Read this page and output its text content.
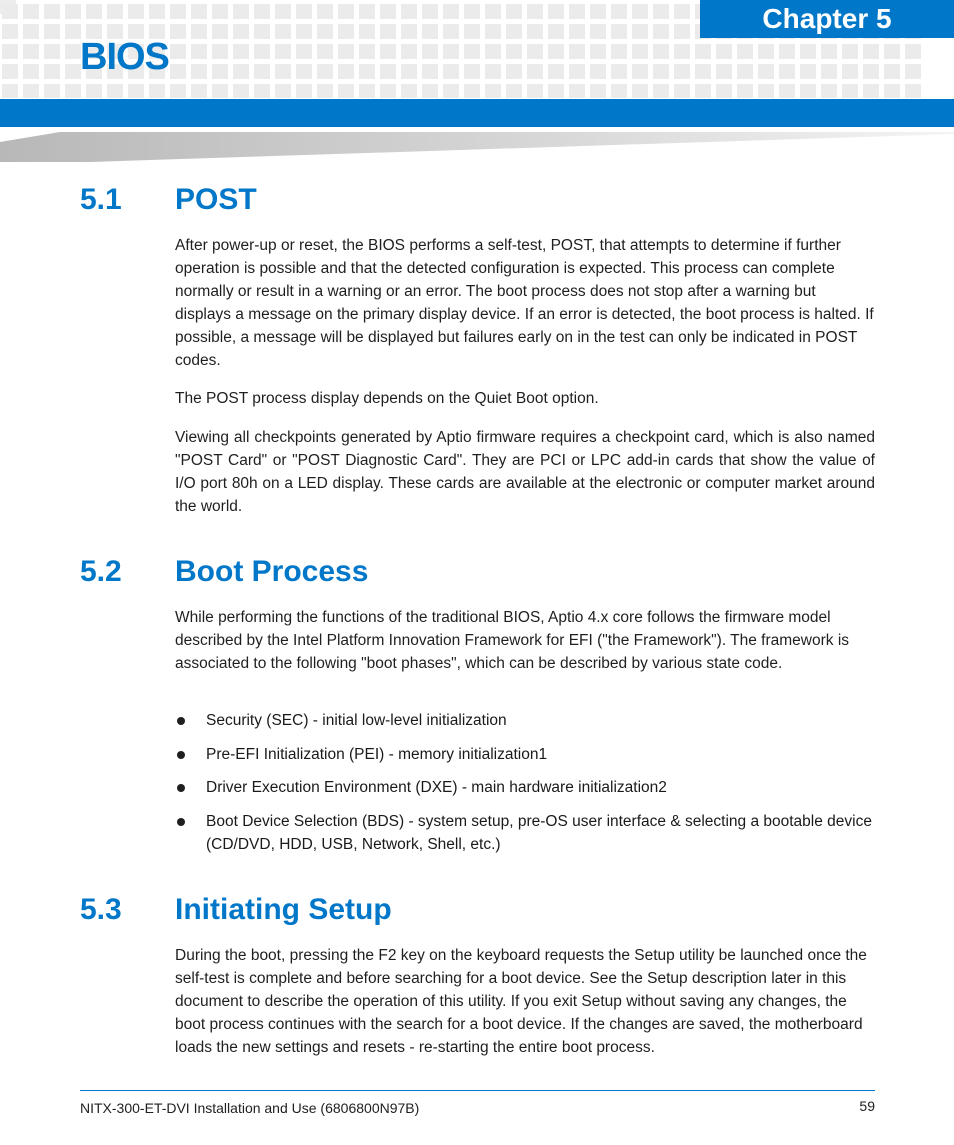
Chapter 5
BIOS
5.1 POST

After power-up or reset, the BIOS performs a self-test, POST, that attempts to determine if further operation is possible and that the detected configuration is expected. This process can complete normally or result in a warning or an error. The boot process does not stop after a warning but displays a message on the primary display device. If an error is detected, the boot process is halted. If possible, a message will be displayed but failures early on in the test can only be indicated in POST codes.

The POST process display depends on the Quiet Boot option.

Viewing all checkpoints generated by Aptio firmware requires a checkpoint card, which is also named "POST Card" or "POST Diagnostic Card". They are PCI or LPC add-in cards that show the value of I/O port 80h on a LED display. These cards are available at the electronic or computer market around the world.

5.2 Boot Process

While performing the functions of the traditional BIOS, Aptio 4.x core follows the firmware model described by the Intel Platform Innovation Framework for EFI ("the Framework"). The framework is associated to the following "boot phases", which can be described by various state code.

Security (SEC) - initial low-level initialization
Pre-EFI Initialization (PEI) - memory initialization1
Driver Execution Environment (DXE) - main hardware initialization2
Boot Device Selection (BDS) - system setup, pre-OS user interface & selecting a bootable device (CD/DVD, HDD, USB, Network, Shell, etc.)
5.3 Initiating Setup

During the boot, pressing the F2 key on the keyboard requests the Setup utility be launched once the self-test is complete and before searching for a boot device. See the Setup description later in this document to describe the operation of this utility. If you exit Setup without saving any changes, the boot process continues with the search for a boot device. If the changes are saved, the motherboard loads the new settings and resets - re-starting the entire boot process.

NITX-300-ET-DVI Installation and Use (6806800N97B)	59
